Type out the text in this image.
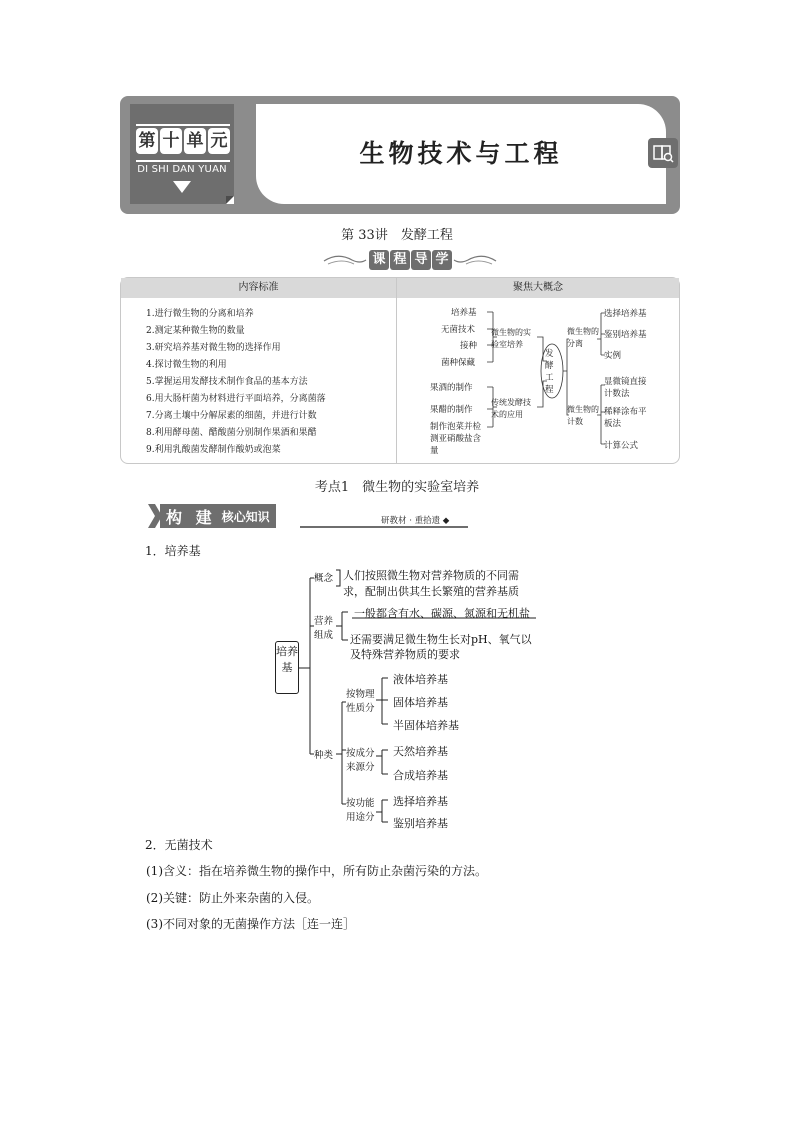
第 十 单 元
DI SHI DAN YUAN
生物技术与工程
第 33讲　发酵工程
课 程 导 学
内容标准	聚焦大概念
1.进行微生物的分离和培养
2.测定某种微生物的数量
3.研究培养基对微生物的选择作用
4.探讨微生物的利用
5.掌握运用发酵技术制作食品的基本方法
6.用大肠杆菌为材料进行平面培养，分离菌落
7.分离土壤中分解尿素的细菌，并进行计数
8.利用酵母菌、醋酸菌分别制作果酒和果醋
9.利用乳酸菌发酵制作酸奶或泡菜
培养基
无菌技术
接种
菌种保藏
微生物的实验室培养
果酒的制作
果醋的制作
制作泡菜并检测亚硝酸盐含量
传统发酵技术的应用
发酵工程
微生物的分离
选择培养基
鉴别培养基
实例
微生物的计数
显微镜直接计数法
稀释涂布平板法
计算公式
考点1　微生物的实验室培养
构 建 核心知识	研教材 · 重拾遗 ◆
1．培养基
培养基
概念 人们按照微生物对营养物质的不同需
求，配制出供其生长繁殖的营养基质
营养组成
一般都含有水、碳源、氮源和无机盐
还需要满足微生物生长对pH、氧气以
及特殊营养物质的要求
种类
按物理性质分
液体培养基
固体培养基
半固体培养基
按成分来源分
天然培养基
合成培养基
按功能用途分
选择培养基
鉴别培养基
2．无菌技术
(1)含义：指在培养微生物的操作中，所有防止杂菌污染的方法。
(2)关键：防止外来杂菌的入侵。
(3)不同对象的无菌操作方法［连一连］
